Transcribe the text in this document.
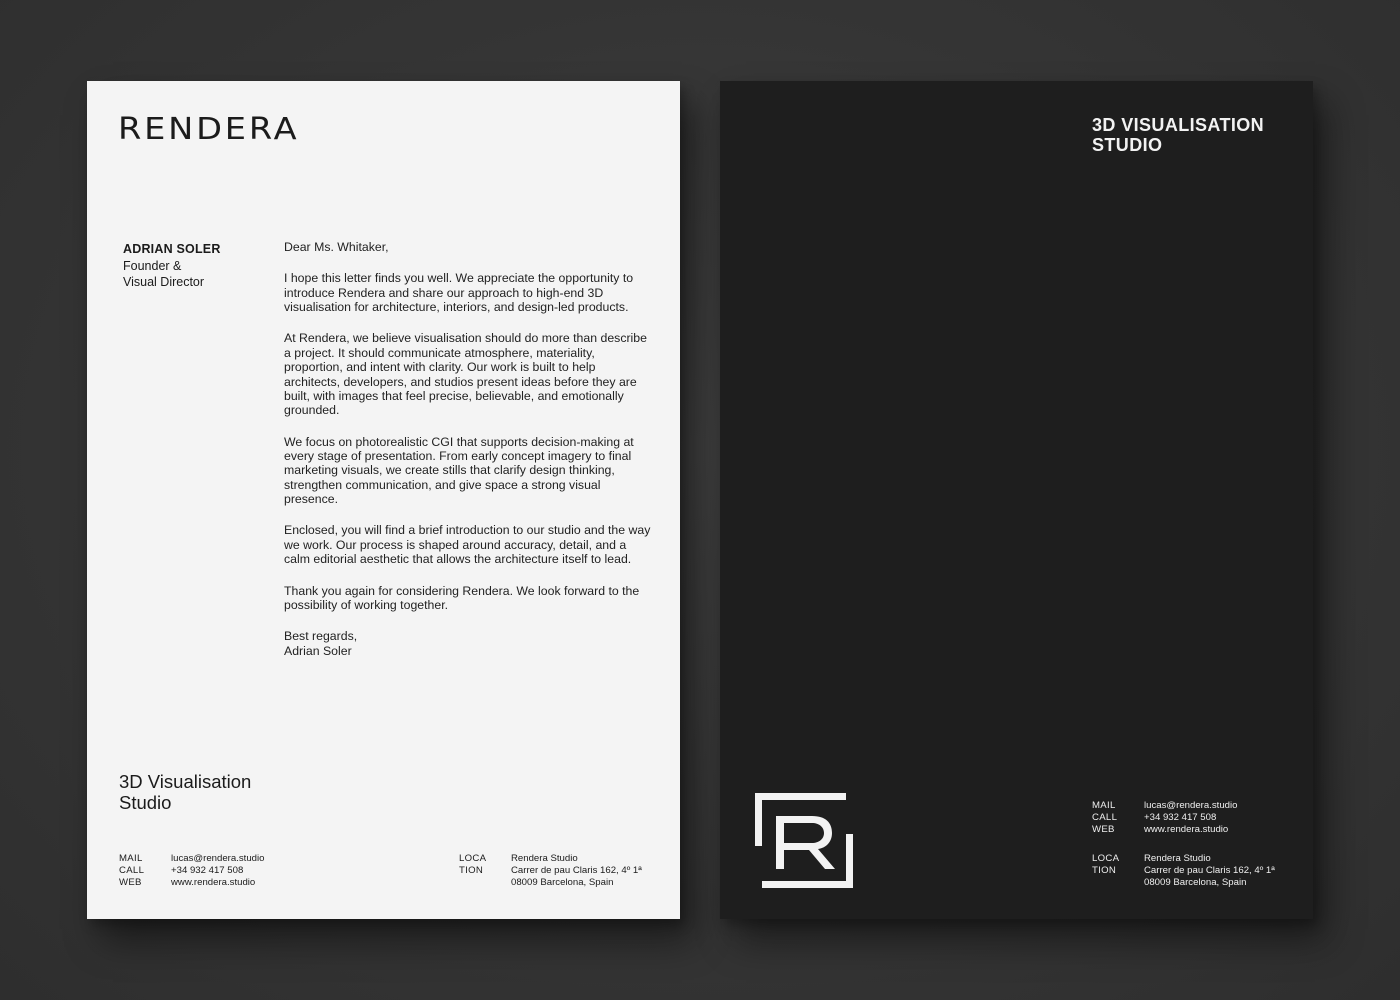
RENDERA
ADRIAN SOLER
Founder &
Visual Director

Dear Ms. Whitaker,

I hope this letter finds you well. We appreciate the opportunity to introduce Rendera and share our approach to high-end 3D visualisation for architecture, interiors, and design-led products.

At Rendera, we believe visualisation should do more than describe a project. It should communicate atmosphere, materiality, proportion, and intent with clarity. Our work is built to help architects, developers, and studios present ideas before they are built, with images that feel precise, believable, and emotionally grounded.

We focus on photorealistic CGI that supports decision-making at every stage of presentation. From early concept imagery to final marketing visuals, we create stills that clarify design thinking, strengthen communication, and give space a strong visual presence.

Enclosed, you will find a brief introduction to our studio and the way we work. Our process is shaped around accuracy, detail, and a calm editorial aesthetic that allows the architecture itself to lead.

Thank you again for considering Rendera. We look forward to the possibility of working together.

Best regards,

Adrian Soler

3D Visualisation
Studio
MAIL	lucas@rendera.studio
CALL	+34 932 417 508
WEB	www.rendera.studio
LOCA	Rendera Studio
TION	Carrer de pau Claris 162, 4º 1ª
08009 Barcelona, Spain
3D VISUALISATION
STUDIO
MAIL	lucas@rendera.studio
CALL	+34 932 417 508
WEB	www.rendera.studio
LOCA	Rendera Studio
TION	Carrer de pau Claris 162, 4º 1ª
08009 Barcelona, Spain
